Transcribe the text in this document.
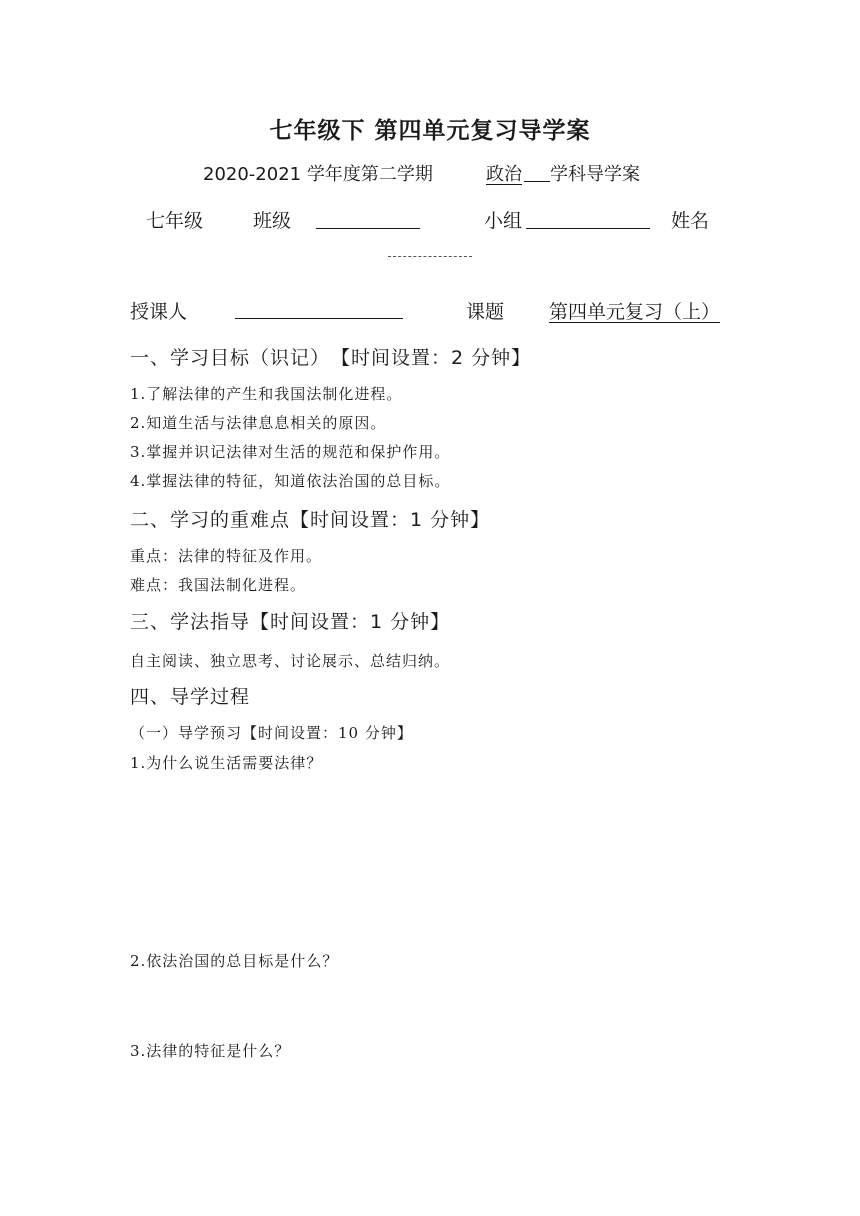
七年级下 第四单元复习导学案
2020-2021 学年度第二学期	政治 学科导学案
七年级	班级	小组	姓名
授课人	课题 第四单元复习（上）
一、学习目标（识记）　【时间设置：2 分钟】
1.了解法律的产生和我国法制化进程。
2.知道生活与法律息息相关的原因。
3.掌握并识记法律对生活的规范和保护作用。
4.掌握法律的特征，知道依法治国的总目标。
二、学习的重难点【时间设置：1 分钟】
重点：法律的特征及作用。
难点：我国法制化进程。
三、学法指导【时间设置：1 分钟】
自主阅读、独立思考、讨论展示、总结归纳。
四、导学过程
（一）导学预习【时间设置：10 分钟】
1.为什么说生活需要法律？
2.依法治国的总目标是什么？
3.法律的特征是什么？
